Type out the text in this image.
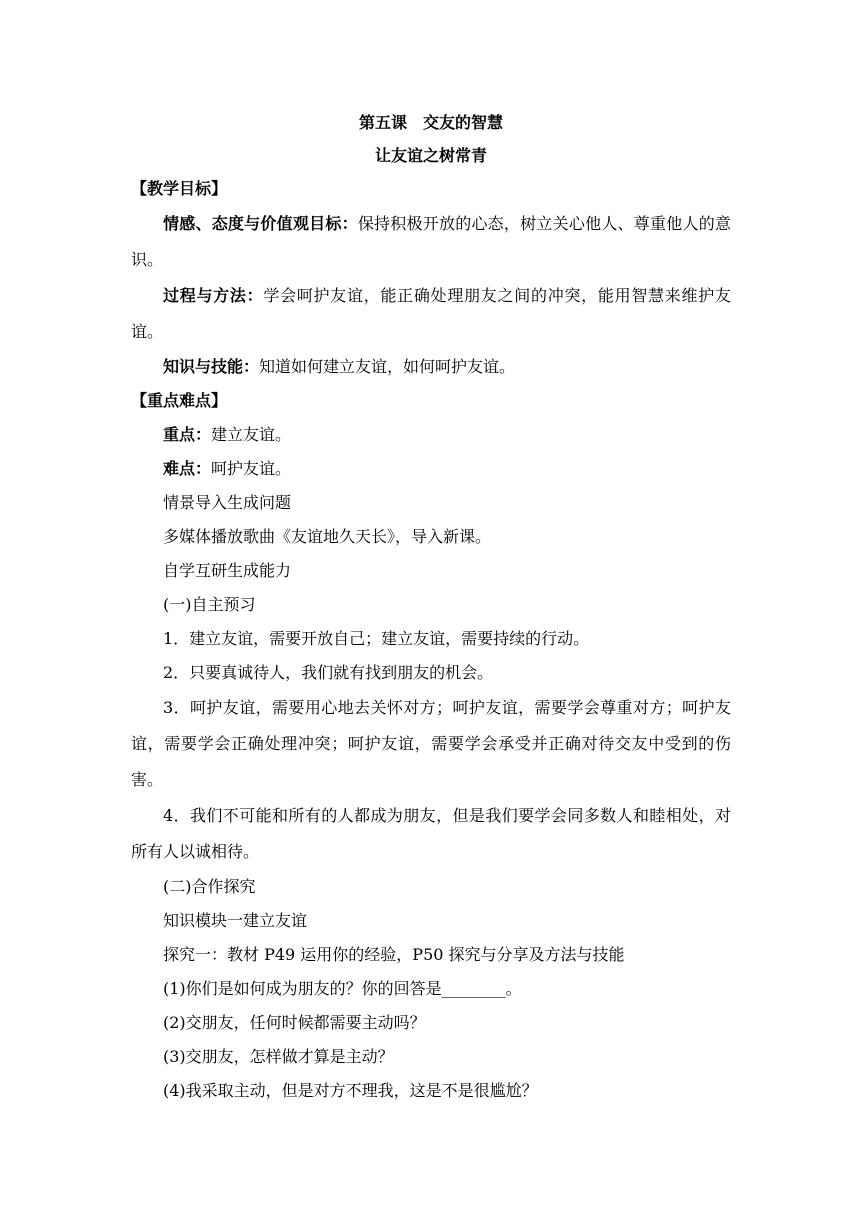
第五课　交友的智慧
让友谊之树常青
【教学目标】
情感、态度与价值观目标：保持积极开放的心态，树立关心他人、尊重他人的意识。
过程与方法：学会呵护友谊，能正确处理朋友之间的冲突，能用智慧来维护友谊。
知识与技能：知道如何建立友谊，如何呵护友谊。
【重点难点】
重点：建立友谊。
难点：呵护友谊。
情景导入生成问题
多媒体播放歌曲《友谊地久天长》，导入新课。
自学互研生成能力
(一)自主预习
1．建立友谊，需要开放自己；建立友谊，需要持续的行动。
2．只要真诚待人，我们就有找到朋友的机会。
3．呵护友谊，需要用心地去关怀对方；呵护友谊，需要学会尊重对方；呵护友谊，需要学会正确处理冲突；呵护友谊，需要学会承受并正确对待交友中受到的伤害。
4．我们不可能和所有的人都成为朋友，但是我们要学会同多数人和睦相处，对所有人以诚相待。
(二)合作探究
知识模块一建立友谊
探究一：教材 P49 运用你的经验，P50 探究与分享及方法与技能
(1)你们是如何成为朋友的？你的回答是________。
(2)交朋友，任何时候都需要主动吗？
(3)交朋友，怎样做才算是主动？
(4)我采取主动，但是对方不理我，这是不是很尴尬？
